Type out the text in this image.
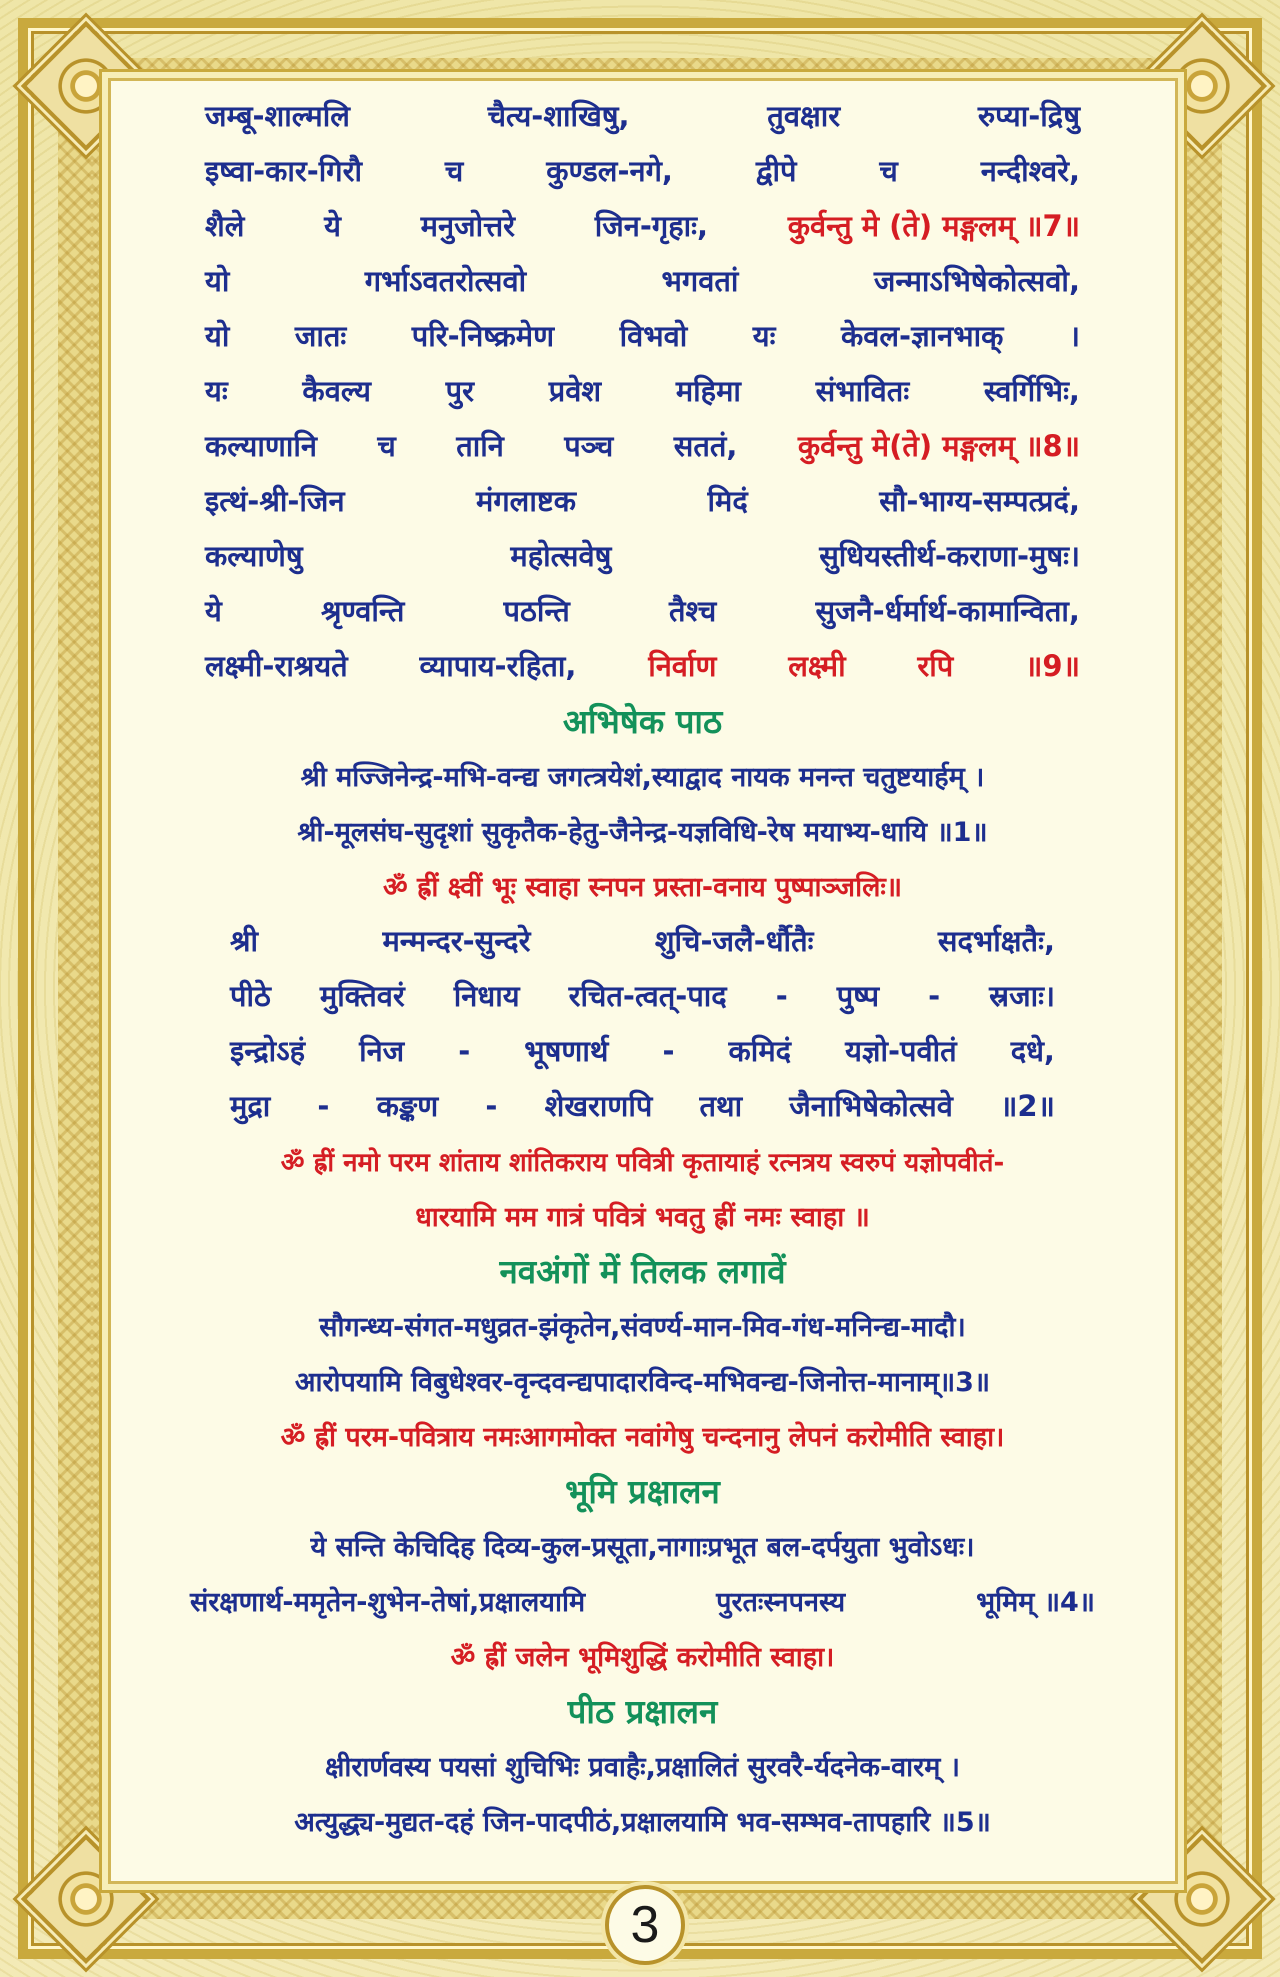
जम्बू-शाल्मलि	चैत्य-शाखिषु,	तुवक्षार	रुप्या-द्रिषु
इष्वा-कार-गिरौ	च	कुण्डल-नगे,	द्वीपे	च	नन्दीश्वरे,
शैले	ये	मनुजोत्तरे	जिन-गृहाः,	कुर्वन्तु मे (ते) मङ्गलम् ॥7॥
यो	गर्भाऽवतरोत्सवो	भगवतां	जन्माऽभिषेकोत्सवो,
यो जातः परि-निष्क्रमेण विभवो यः केवल-ज्ञानभाक् ।
यः	कैवल्य	पुर	प्रवेश	महिमा	संभावितः	स्वर्गिभिः,
कल्याणानि च तानि पञ्च सततं, कुर्वन्तु मे(ते) मङ्गलम् ॥8॥
इत्थं-श्री-जिन	मंगलाष्टक	मिदं	सौ-भाग्य-सम्पत्प्रदं,
कल्याणेषु	महोत्सवेषु	सुधियस्तीर्थ-कराणा-मुषः।
ये	श्रृण्वन्ति	पठन्ति	तैश्च	सुजनै-र्धर्मार्थ-कामान्विता,
लक्ष्मी-राश्रयते व्यापाय-रहिता, निर्वाण लक्ष्मी रपि ॥9॥
अभिषेक पाठ
श्री मज्जिनेन्द्र-मभि-वन्द्य जगत्त्रयेशं,स्याद्वाद नायक मनन्त चतुष्टयार्हम् ।
श्री-मूलसंघ-सुदृशां सुकृतैक-हेतु-जैनेन्द्र-यज्ञविधि-रेष मयाभ्य-धायि ॥1॥
ॐ ह्रीं क्ष्वीं भूः स्वाहा स्नपन प्रस्ता-वनाय पुष्पाञ्जलिः॥
श्री	मन्मन्दर-सुन्दरे	शुचि-जलै-र्धौतैः	सदर्भाक्षतैः,
पीठे मुक्तिवरं निधाय रचित-त्वत्-पाद - पुष्प - स्रजाः।
इन्द्रोऽहं निज - भूषणार्थ - कमिदं यज्ञो-पवीतं दधे,
मुद्रा - कङ्कण - शेखराणपि तथा जैनाभिषेकोत्सवे ॥2॥
ॐ ह्रीं नमो परम शांताय शांतिकराय पवित्री कृतायाहं रत्नत्रय स्वरुपं यज्ञोपवीतं-
धारयामि मम गात्रं पवित्रं भवतु ह्रीं नमः स्वाहा ॥
नवअंगों में तिलक लगावें
सौगन्ध्य-संगत-मधुव्रत-झंकृतेन,संवर्ण्य-मान-मिव-गंध-मनिन्द्य-मादौ।
आरोपयामि विबुधेश्वर-वृन्दवन्द्यपादारविन्द-मभिवन्द्य-जिनोत्त-मानाम्॥3॥
ॐ ह्रीं परम-पवित्राय नमःआगमोक्त नवांगेषु चन्दनानु लेपनं करोमीति स्वाहा।
भूमि प्रक्षालन
ये सन्ति केचिदिह दिव्य-कुल-प्रसूता,नागाःप्रभूत बल-दर्पयुता भुवोऽधः।
संरक्षणार्थ-ममृतेन-शुभेन-तेषां,प्रक्षालयामि	पुरतःस्नपनस्य	भूमिम् ॥4॥
ॐ ह्रीं जलेन भूमिशुद्धिं करोमीति स्वाहा।
पीठ प्रक्षालन
क्षीरार्णवस्य पयसां शुचिभिः प्रवाहैः,प्रक्षालितं सुरवरै-र्यदनेक-वारम् ।
अत्युद्ध्य-मुद्यत-दहं जिन-पादपीठं,प्रक्षालयामि भव-सम्भव-तापहारि ॥5॥
3
